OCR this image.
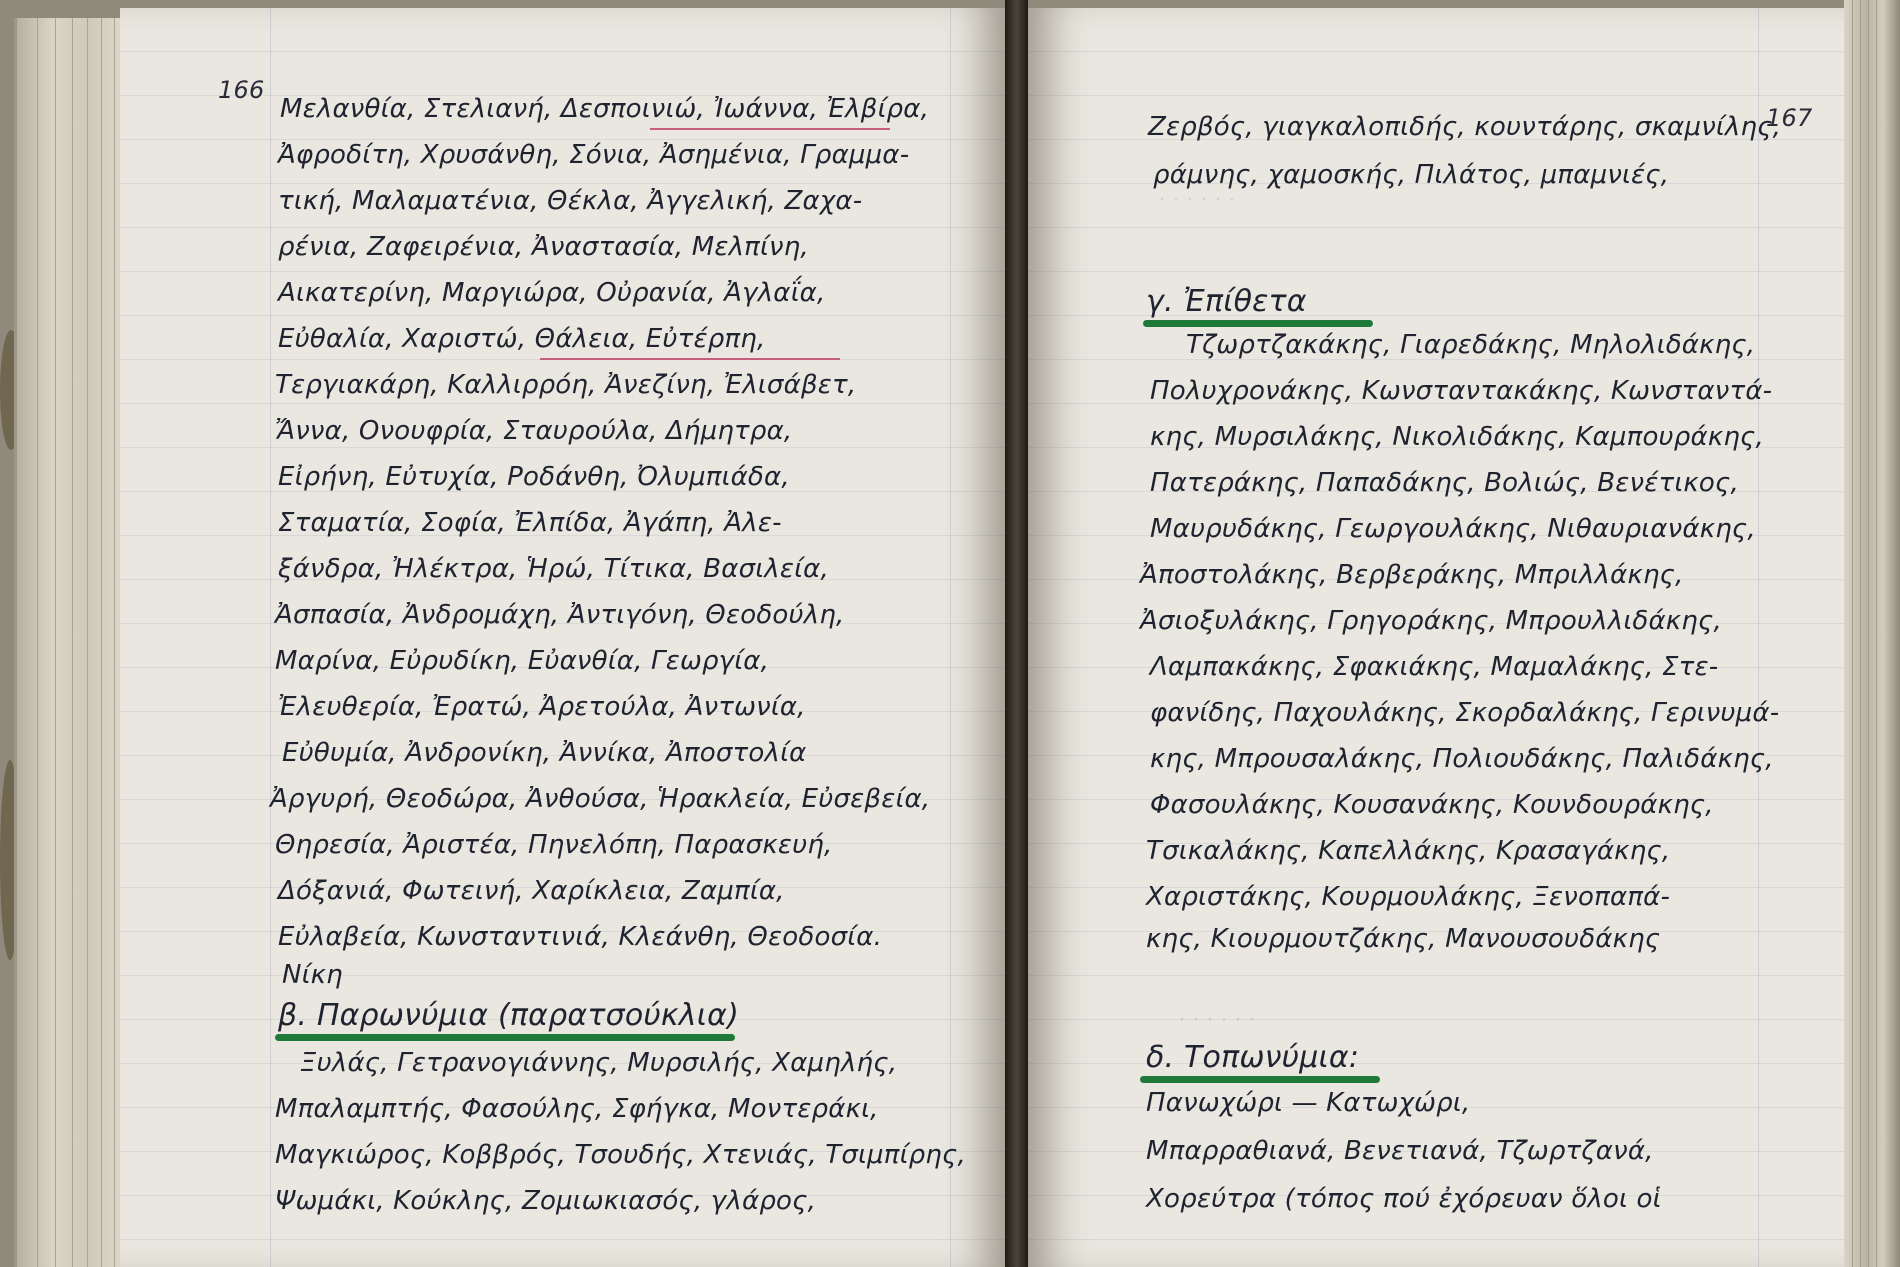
166
Μελανθία, Στελιανή, Δεσποινιώ, Ἰωάννα, Ἐλβίρα,
Ἀφροδίτη, Χρυσάνθη, Σόνια, Ἀσημένια, Γραμμα-
τική, Μαλαματένια, Θέκλα, Ἀγγελική, Ζαχα-
ρένια, Ζαφειρένια, Ἀναστασία, Μελπίνη,
Αικατερίνη, Μαργιώρα, Οὐρανία, Ἀγλαΐα,
Εὐθαλία, Χαριστώ, Θάλεια, Εὐτέρπη,
Τεργιακάρη, Καλλιρρόη, Ἀνεζίνη, Ἐλισάβετ,
Ἄννα, Ονουφρία, Σταυρούλα, Δήμητρα,
Εἰρήνη, Εὐτυχία, Ροδάνθη, Ὀλυμπιάδα,
Σταματία, Σοφία, Ἐλπίδα, Ἀγάπη, Ἀλε-
ξάνδρα, Ἠλέκτρα, Ἡρώ, Τίτικα, Βασιλεία,
Ἀσπασία, Ἀνδρομάχη, Ἀντιγόνη, Θεοδούλη,
Μαρίνα, Εὐρυδίκη, Εὐανθία, Γεωργία,
Ἐλευθερία, Ἐρατώ, Ἀρετούλα, Ἀντωνία,
Εὐθυμία, Ἀνδρονίκη, Ἀννίκα, Ἀποστολία
Ἀργυρή, Θεοδώρα, Ἀνθούσα, Ἡρακλεία, Εὐσεβεία,
Θηρεσία, Ἀριστέα, Πηνελόπη, Παρασκευή,
Δόξανιά, Φωτεινή, Χαρίκλεια, Ζαμπία,
Εὐλαβεία, Κωνσταντινιά, Κλεάνθη, Θεοδοσία.
Νίκη
β. Παρωνύμια (παρατσούκλια)
Ξυλάς, Γετρανογιάννης, Μυρσιλής, Χαμηλής,
Μπαλαμπτής, Φασούλης, Σφήγκα, Μοντεράκι,
Μαγκιώρος, Κοββρός, Τσουδής, Χτενιάς, Τσιμπίρης,
Ψωμάκι, Κούκλης, Ζομιωκιασός, γλάρος,
· · · · · ·
· · · · · ·
167
Ζερβός, γιαγκαλοπιδής, κουντάρης, σκαμνίλης,
ράμνης, χαμοσκής, Πιλάτος, μπαμνιές,
γ. Ἐπίθετα
Τζωρτζακάκης, Γιαρεδάκης, Μηλολιδάκης,
Πολυχρονάκης, Κωνσταντακάκης, Κωνσταντά-
κης, Μυρσιλάκης, Νικολιδάκης, Καμπουράκης,
Πατεράκης, Παπαδάκης, Βολιώς, Βενέτικος,
Μαυρυδάκης, Γεωργουλάκης, Νιθαυριανάκης,
Ἀποστολάκης, Βερβεράκης, Μπριλλάκης,
Ἀσιοξυλάκης, Γρηγοράκης, Μπρουλλιδάκης,
Λαμπακάκης, Σφακιάκης, Μαμαλάκης, Στε-
φανίδης, Παχουλάκης, Σκορδαλάκης, Γερινυμά-
κης, Μπρουσαλάκης, Πολιουδάκης, Παλιδάκης,
Φασουλάκης, Κουσανάκης, Κουνδουράκης,
Τσικαλάκης, Καπελλάκης, Κρασαγάκης,
Χαριστάκης, Κουρμουλάκης, Ξενοπαπά-
κης, Κιουρμουτζάκης, Μανουσουδάκης
δ. Τοπωνύμια:
Πανωχώρι — Κατωχώρι,
Μπαρραθιανά, Βενετιανά, Τζωρτζανά,
Χορεύτρα (τόπος πού ἐχόρευαν ὅλοι οἱ
